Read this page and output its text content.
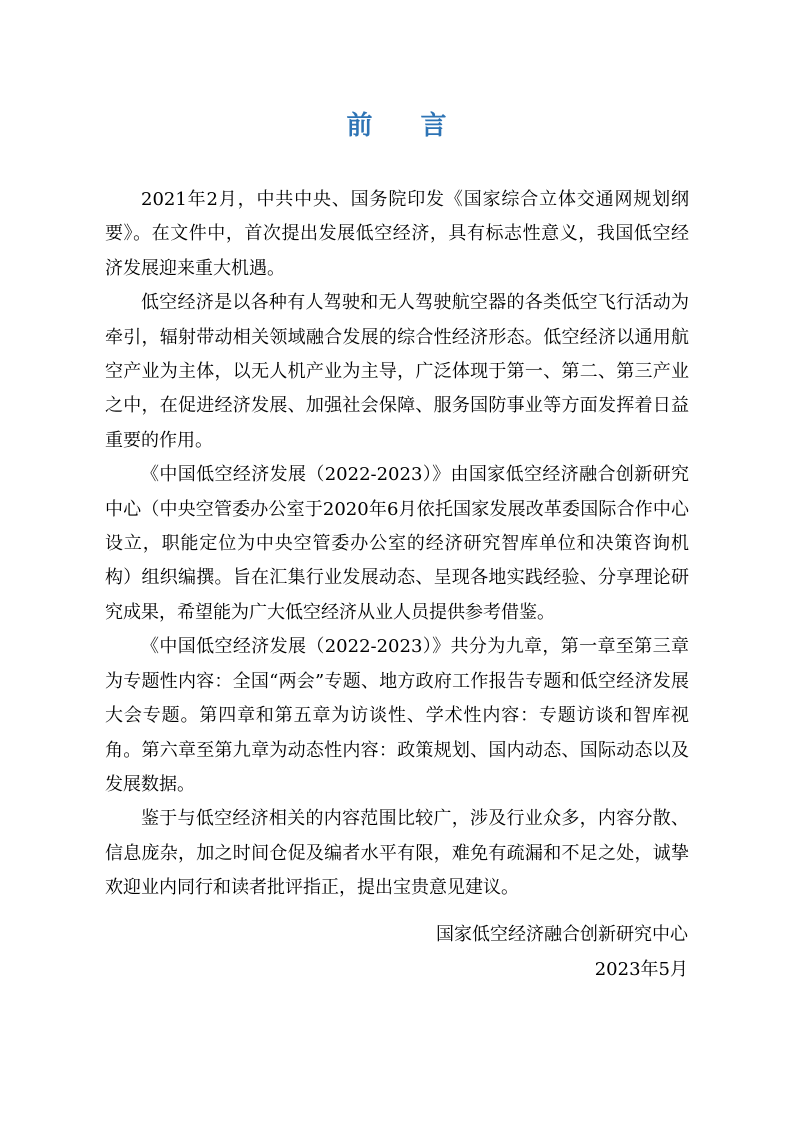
前 言

2021年2月，中共中央、国务院印发《国家综合立体交通网规划纲要》。在文件中，首次提出发展低空经济，具有标志性意义，我国低空经济发展迎来重大机遇。

低空经济是以各种有人驾驶和无人驾驶航空器的各类低空飞行活动为牵引，辐射带动相关领域融合发展的综合性经济形态。低空经济以通用航空产业为主体，以无人机产业为主导，广泛体现于第一、第二、第三产业之中，在促进经济发展、加强社会保障、服务国防事业等方面发挥着日益重要的作用。

《中国低空经济发展（2022-2023）》由国家低空经济融合创新研究中心（中央空管委办公室于2020年6月依托国家发展改革委国际合作中心设立，职能定位为中央空管委办公室的经济研究智库单位和决策咨询机构）组织编撰。旨在汇集行业发展动态、呈现各地实践经验、分享理论研究成果，希望能为广大低空经济从业人员提供参考借鉴。

《中国低空经济发展（2022-2023）》共分为九章，第一章至第三章为专题性内容：全国“两会”专题、地方政府工作报告专题和低空经济发展大会专题。第四章和第五章为访谈性、学术性内容：专题访谈和智库视角。第六章至第九章为动态性内容：政策规划、国内动态、国际动态以及发展数据。

鉴于与低空经济相关的内容范围比较广，涉及行业众多，内容分散、信息庞杂，加之时间仓促及编者水平有限，难免有疏漏和不足之处，诚挚欢迎业内同行和读者批评指正，提出宝贵意见建议。

国家低空经济融合创新研究中心
2023年5月
